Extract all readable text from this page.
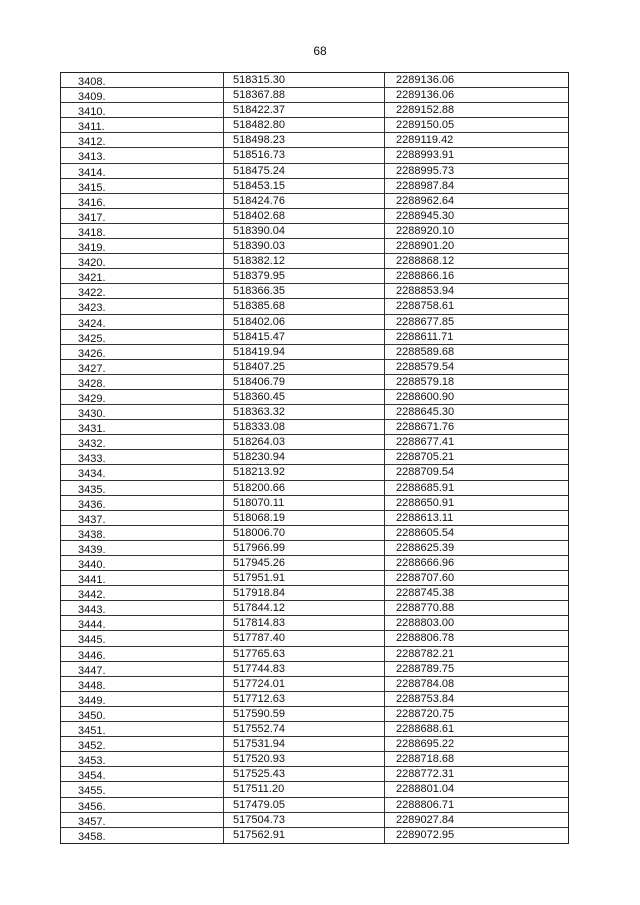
68
3408.	518315.30	2289136.06
3409.	518367.88	2289136.06
3410.	518422.37	2289152.88
3411.	518482.80	2289150.05
3412.	518498.23	2289119.42
3413.	518516.73	2288993.91
3414.	518475.24	2288995.73
3415.	518453.15	2288987.84
3416.	518424.76	2288962.64
3417.	518402.68	2288945.30
3418.	518390.04	2288920.10
3419.	518390.03	2288901.20
3420.	518382.12	2288868.12
3421.	518379.95	2288866.16
3422.	518366.35	2288853.94
3423.	518385.68	2288758.61
3424.	518402.06	2288677.85
3425.	518415.47	2288611.71
3426.	518419.94	2288589.68
3427.	518407.25	2288579.54
3428.	518406.79	2288579.18
3429.	518360.45	2288600.90
3430.	518363.32	2288645.30
3431.	518333.08	2288671.76
3432.	518264.03	2288677.41
3433.	518230.94	2288705.21
3434.	518213.92	2288709.54
3435.	518200.66	2288685.91
3436.	518070.11	2288650.91
3437.	518068.19	2288613.11
3438.	518006.70	2288605.54
3439.	517966.99	2288625.39
3440.	517945.26	2288666.96
3441.	517951.91	2288707.60
3442.	517918.84	2288745.38
3443.	517844.12	2288770.88
3444.	517814.83	2288803.00
3445.	517787.40	2288806.78
3446.	517765.63	2288782.21
3447.	517744.83	2288789.75
3448.	517724.01	2288784.08
3449.	517712.63	2288753.84
3450.	517590.59	2288720.75
3451.	517552.74	2288688.61
3452.	517531.94	2288695.22
3453.	517520.93	2288718.68
3454.	517525.43	2288772.31
3455.	517511.20	2288801.04
3456.	517479.05	2288806.71
3457.	517504.73	2289027.84
3458.	517562.91	2289072.95
